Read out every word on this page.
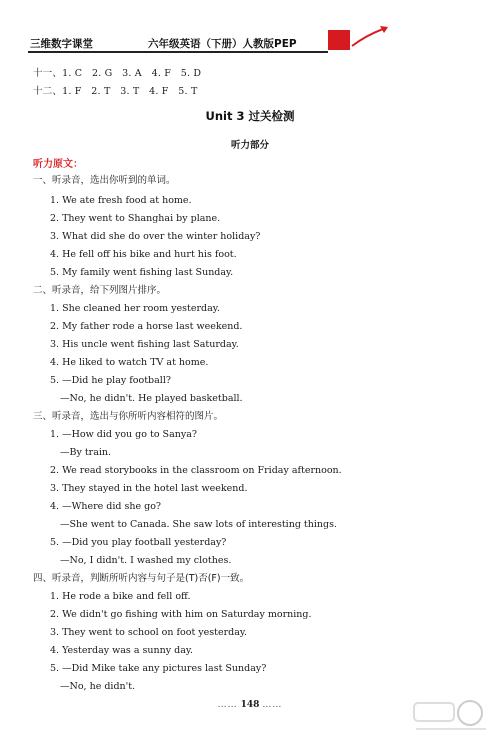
三维数字课堂	六年级英语（下册）人教版PEP
十一、1. C　2. G　3. A　4. F　5. D
十二、1. F　2. T　3. T　4. F　5. T
Unit 3 过关检测
听力部分
听力原文：
一、听录音，选出你听到的单词。
1. We ate fresh food at home.
2. They went to Shanghai by plane.
3. What did she do over the winter holiday?
4. He fell off his bike and hurt his foot.
5. My family went fishing last Sunday.
二、听录音，给下列图片排序。
1. She cleaned her room yesterday.
2. My father rode a horse last weekend.
3. His uncle went fishing last Saturday.
4. He liked to watch TV at home.
5. —Did he play football?
—No, he didn't. He played basketball.
三、听录音，选出与你所听内容相符的图片。
1. —How did you go to Sanya?
—By train.
2. We read storybooks in the classroom on Friday afternoon.
3. They stayed in the hotel last weekend.
4. —Where did she go?
—She went to Canada. She saw lots of interesting things.
5. —Did you play football yesterday?
—No, I didn't. I washed my clothes.
四、听录音，判断所听内容与句子是(T)否(F)一致。
1. He rode a bike and fell off.
2. We didn't go fishing with him on Saturday morning.
3. They went to school on foot yesterday.
4. Yesterday was a sunny day.
5. —Did Mike take any pictures last Sunday?
—No, he didn't.
…… 148 ……
